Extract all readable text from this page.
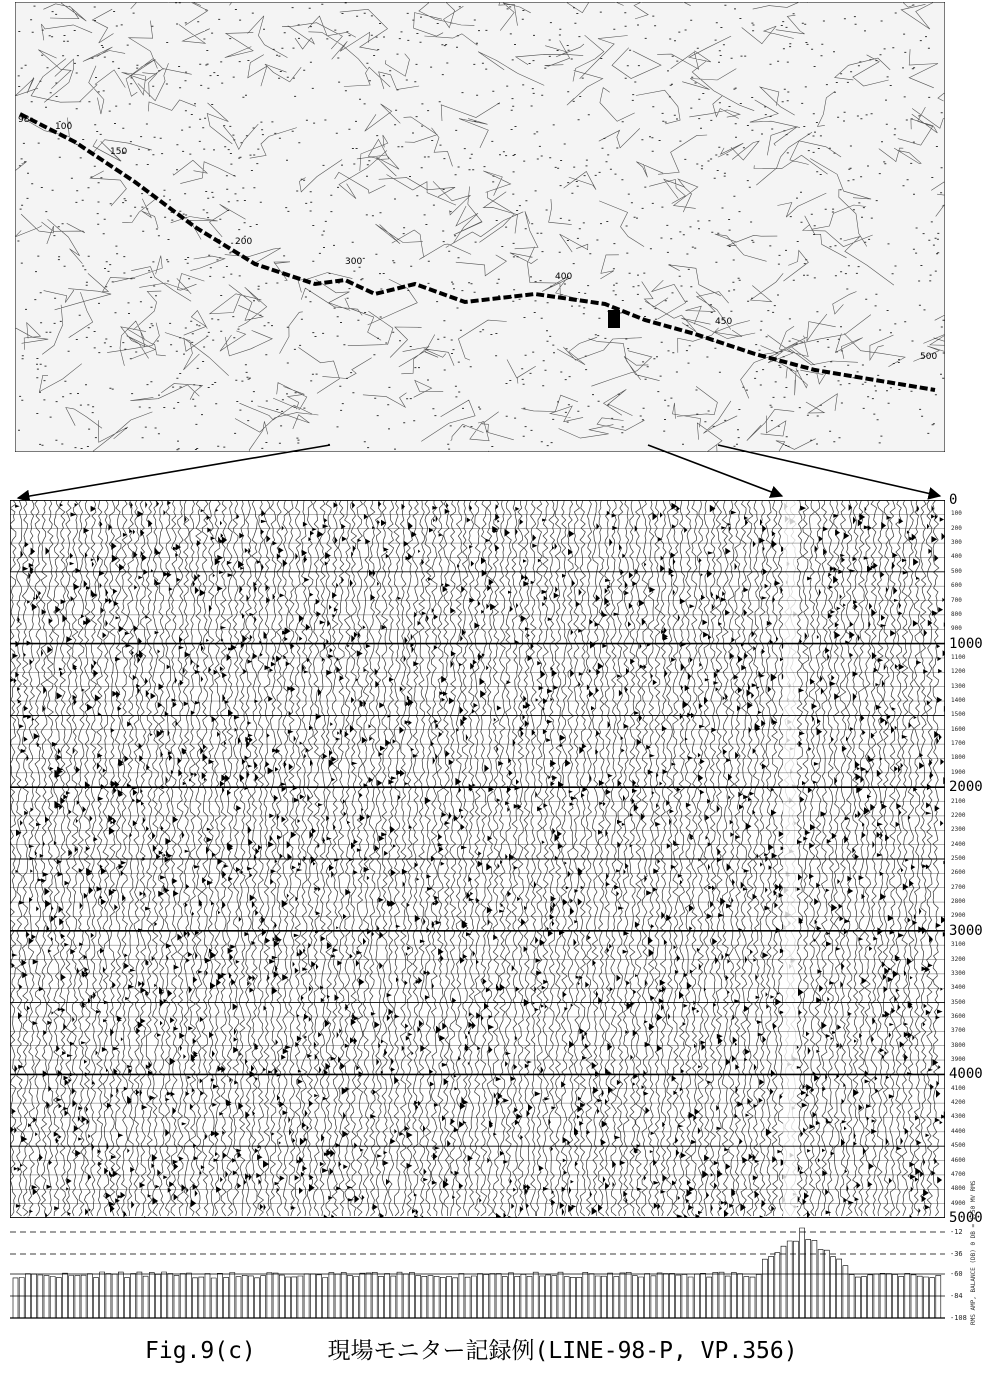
98
100
150
200
300
400
450
500
0
100
200
300
400
500
600
700
800
900
1000
1100
1200
1300
1400
1500
1600
1700
1800
1900
2000
2100
2200
2300
2400
2500
2600
2700
2800
2900
3000
3100
3200
3300
3400
3500
3600
3700
3800
3900
4000
4100
4200
4300
4400
4500
4600
4700
4800
4900
5000
-12
-36
-60
-84
-108 RMS AMP, BALANCE (DB) 0 DB = 1750 MV RMS
Fig.9(c)	現場モニター記録例(LINE-98-P, VP.356)
